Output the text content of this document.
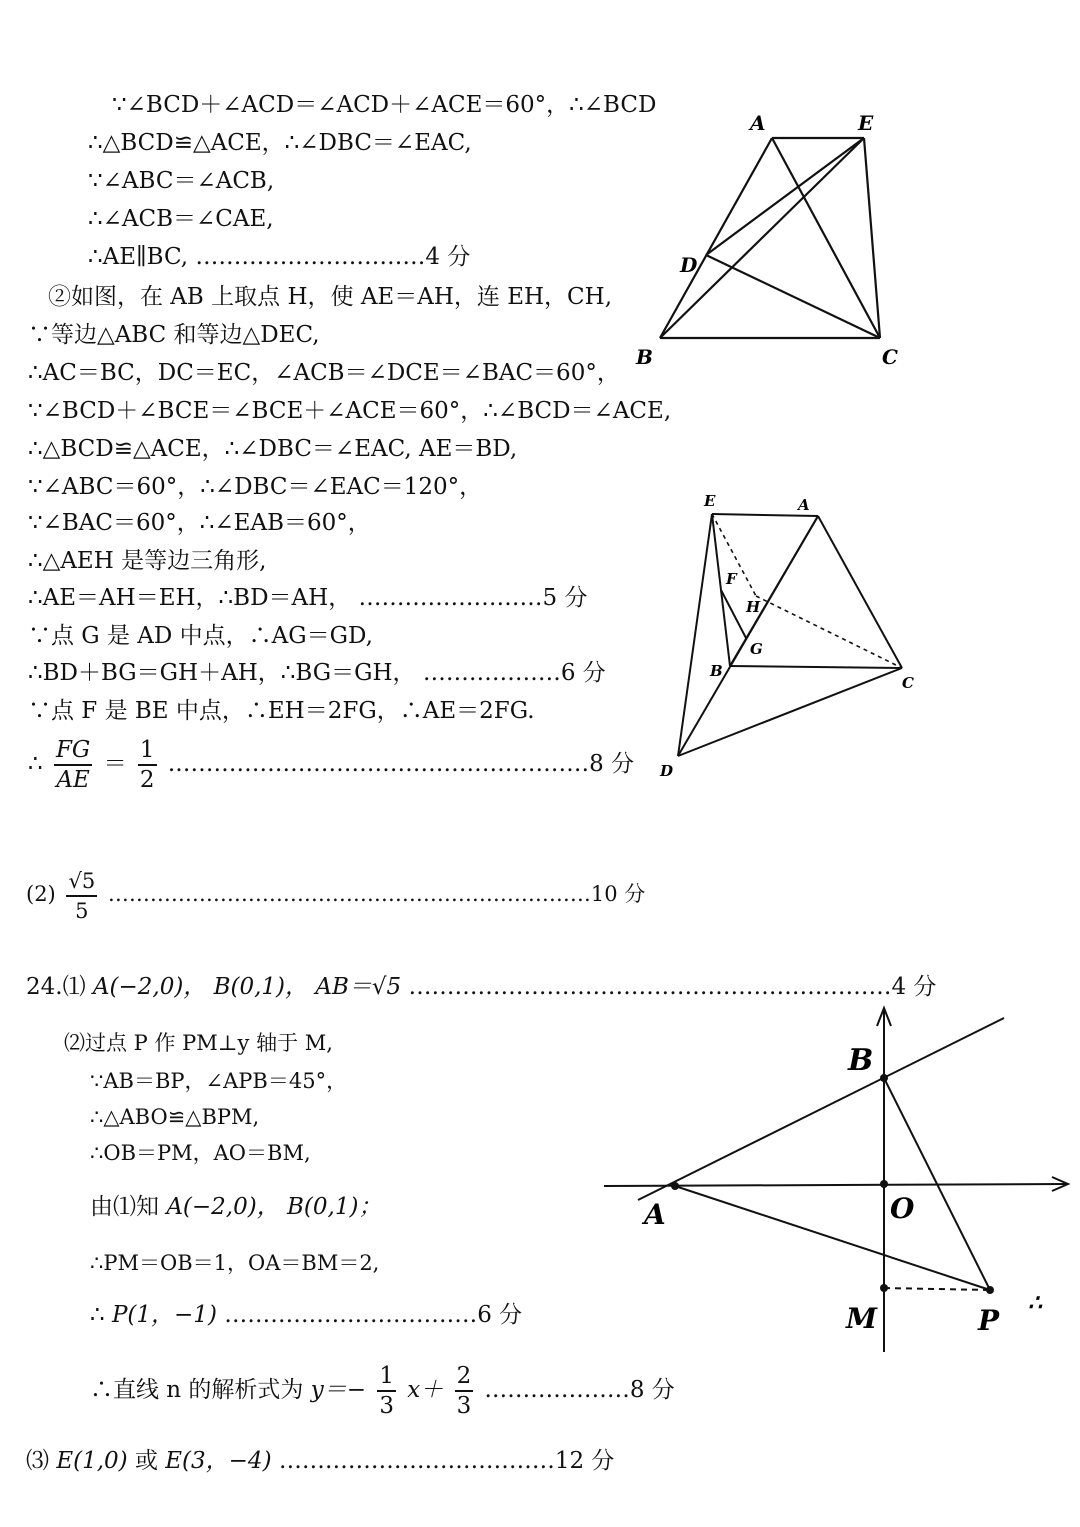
∵∠BCD＋∠ACD＝∠ACD＋∠ACE＝60°，∴∠BCD
∴△BCD≌△ACE，∴∠DBC＝∠EAC,
∵∠ABC＝∠ACB,
∴∠ACB＝∠CAE,
∴AE∥BC, …………………………4 分
②如图，在 AB 上取点 H，使 AE＝AH，连 EH，CH,
∵等边△ABC 和等边△DEC,
∴AC＝BC，DC＝EC，∠ACB＝∠DCE＝∠BAC＝60°，
∵∠BCD＋∠BCE＝∠BCE＋∠ACE＝60°，∴∠BCD＝∠ACE,
∴△BCD≌△ACE，∴∠DBC＝∠EAC, AE＝BD,
∵∠ABC＝60°，∴∠DBC＝∠EAC＝120°，
∵∠BAC＝60°，∴∠EAB＝60°，
∴△AEH 是等边三角形,
∴AE＝AH＝EH，∴BD＝AH， ……………………5 分
∵点 G 是 AD 中点，∴AG＝GD,
∴BD＋BG＝GH＋AH，∴BG＝GH， ………………6 分
∵点 F 是 BE 中点，∴EH＝2FG，∴AE＝2FG.
∴ $\frac{FG}{AE} = \frac{1}{2}$ .………………………………………………8 分
$(2) \frac{√5}{5}$ ……………………………………………………………10 分
24.⑴ A(−2,0)， B(0,1)， AB＝√5 ………………………………………………………4 分
⑵过点 P 作 PM⊥y 轴于 M,
∵AB＝BP，∠APB＝45°，
∴△ABO≌△BPM,
∴OB＝PM，AO＝BM,
由⑴知 A(−2,0)， B(0,1)；
∴PM＝OB＝1，OA＝BM＝2,
∴ P(1，−1) ……………………………6 分
∴直线 n 的解析式为 $y=- \frac{1}{3} x+ \frac{2}{3}$ .………………8 分
⑶ E(1,0) 或 E(3，−4) ………………………………12 分
A	E
D
B	C
E	A
F
H
G
B
C
D
B
A	O
M	P
∴
